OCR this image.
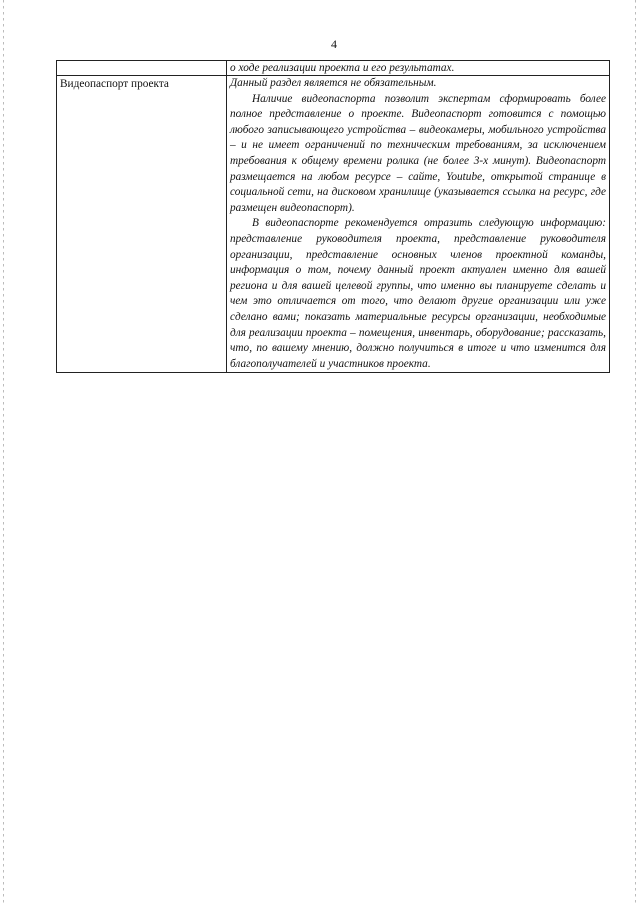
4

	о ходе реализации проекта и его результатах.

Видеопаспорт проекта	Данный раздел является не обязательным.

Наличие видеопаспорта позволит экспертам сформировать более полное представление о проекте. Видеопаспорт готовится с помощью любого записывающего устройства – видеокамеры, мобильного устройства – и не имеет ограничений по техническим требованиям, за исключением требования к общему времени ролика (не более 3-х минут). Видеопаспорт размещается на любом ресурсе – сайте, Youtube, открытой странице в социальной сети, на дисковом хранилище (указывается ссылка на ресурс, где размещен видеопаспорт).

В видеопаспорте рекомендуется отразить следующую информацию: представление руководителя проекта, представление руководителя организации, представление основных членов проектной команды, информация о том, почему данный проект актуален именно для вашей региона и для вашей целевой группы, что именно вы планируете сделать и чем это отличается от того, что делают другие организации или уже сделано вами; показать материальные ресурсы организации, необходимые для реализации проекта – помещения, инвентарь, оборудование; рассказать, что, по вашему мнению, должно получиться в итоге и что изменится для благополучателей и участников проекта.
